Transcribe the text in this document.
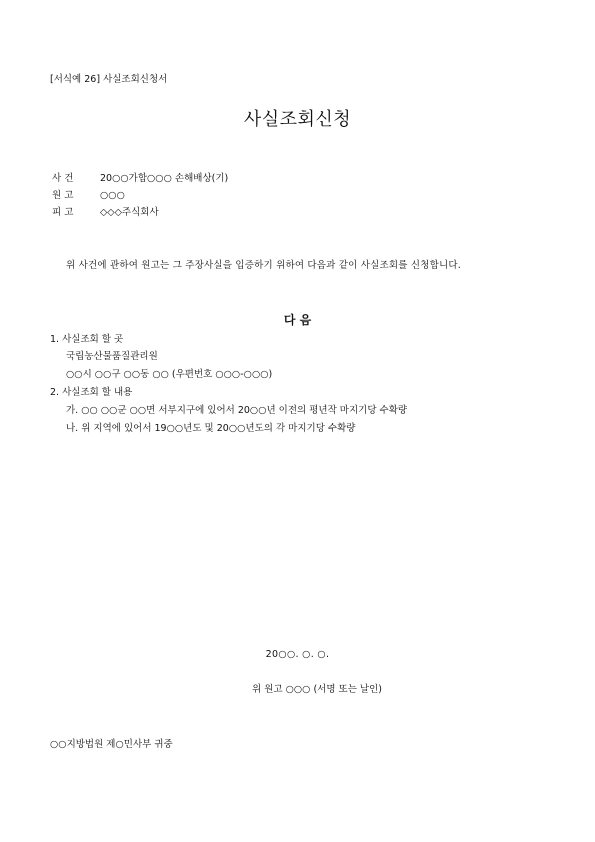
[서식예 26] 사실조회신청서
사실조회신청
사 건	20○○가합○○○ 손해배상(기)
원 고	○○○
피 고	◇◇◇주식회사
위 사건에 관하여 원고는 그 주장사실을 입증하기 위하여 다음과 같이 사실조회를 신청합니다.
다 음
1. 사실조회 할 곳
국립농산물품질관리원
○○시 ○○구 ○○동 ○○ (우편번호 ○○○-○○○)
2. 사실조회 할 내용
가. ○○ ○○군 ○○면 서부지구에 있어서 20○○년 이전의 평년작 마지기당 수확량
나. 위 지역에 있어서 19○○년도 및 20○○년도의 각 마지기당 수확량
20○○. ○. ○.
위 원고 ○○○ (서명 또는 날인)
○○지방법원 제○민사부 귀중
